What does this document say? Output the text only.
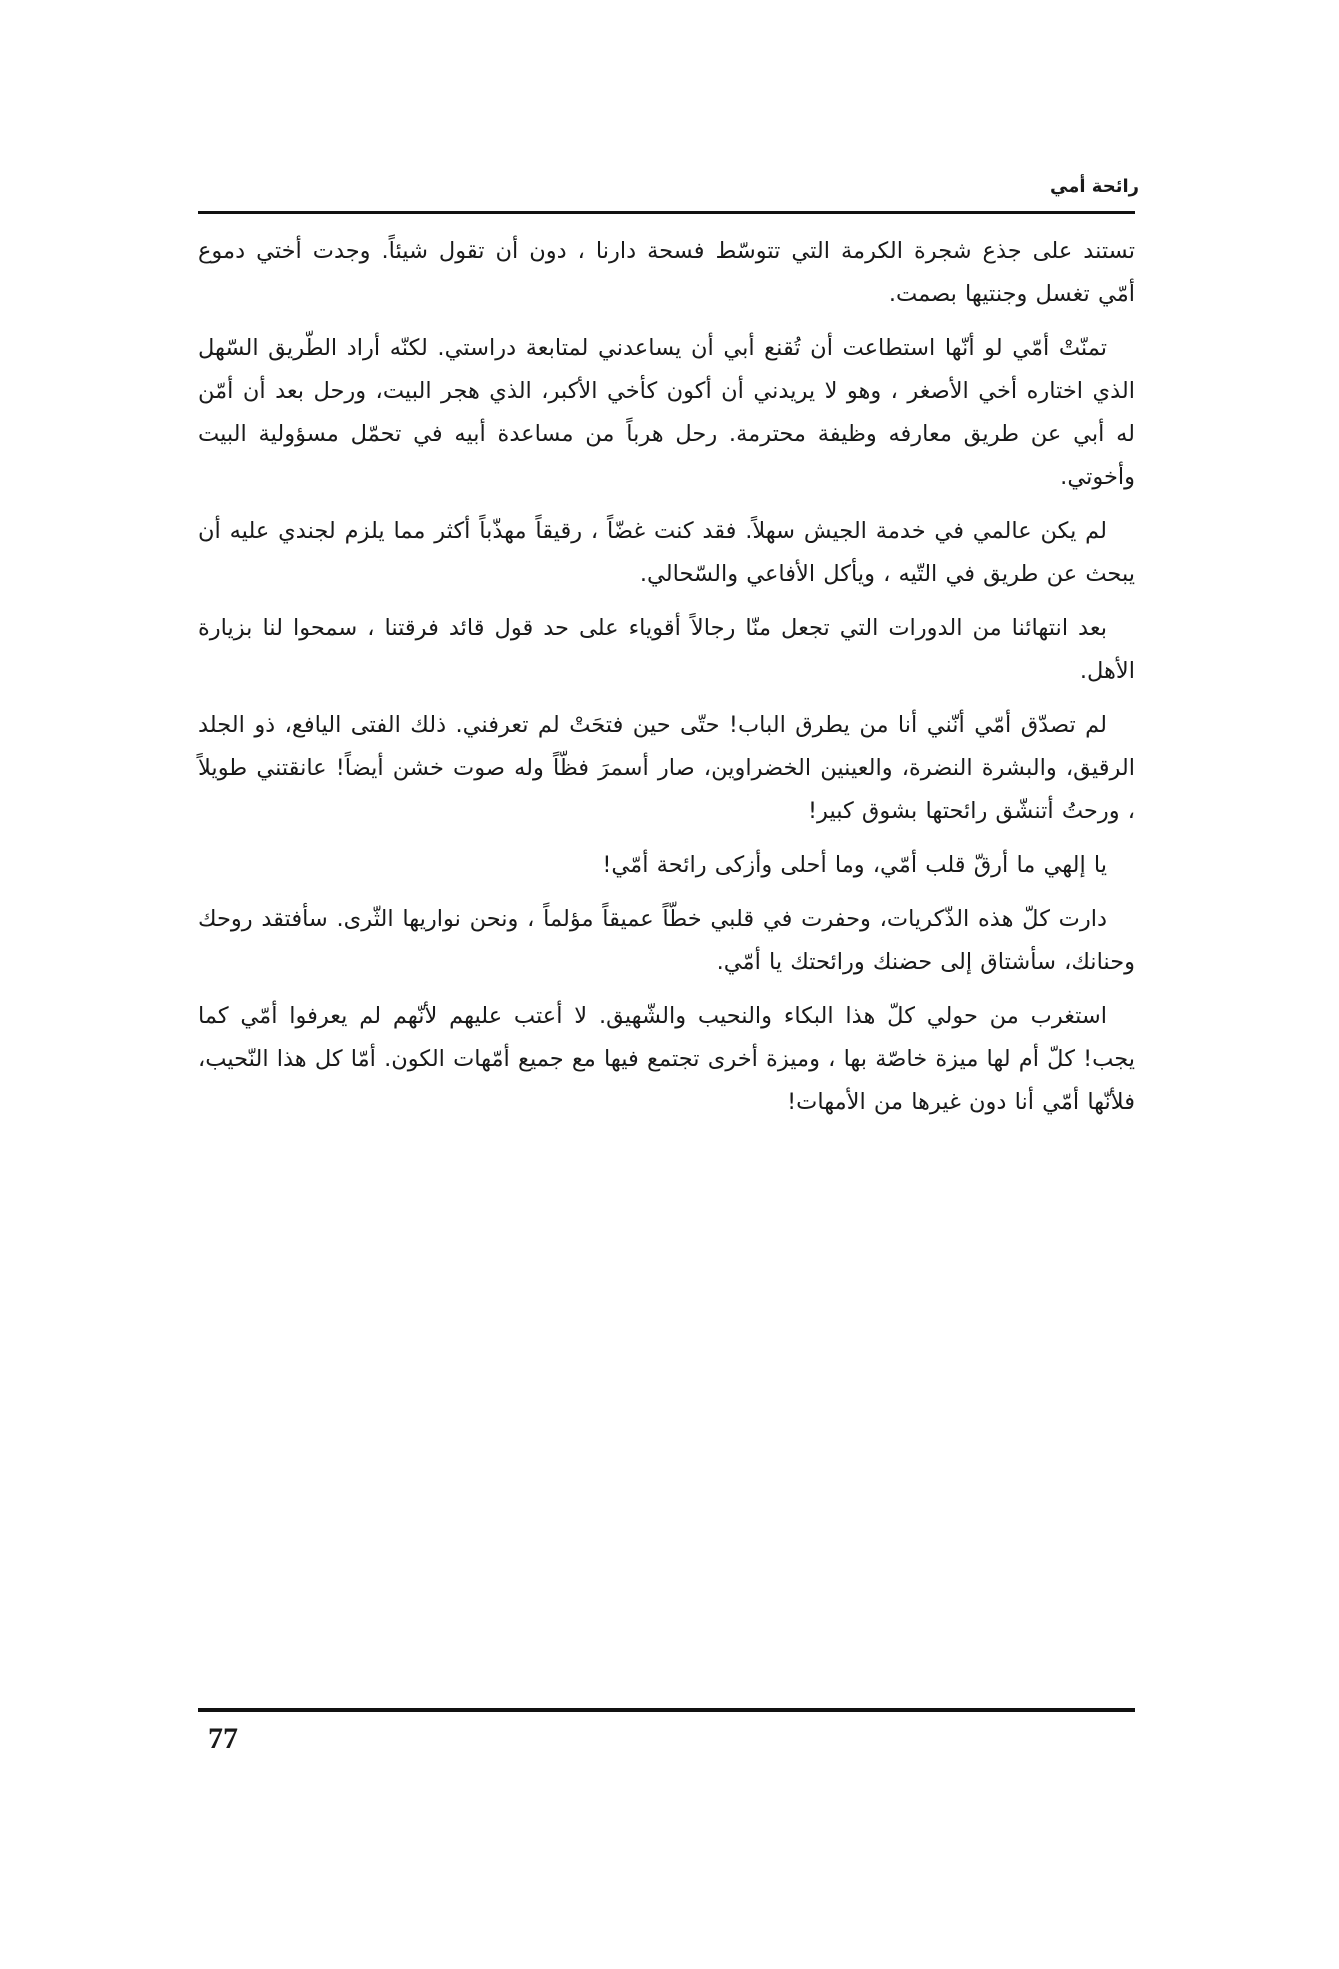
رائحة أمي

تستند على جذع شجرة الكرمة التي تتوسّط فسحة دارنا ، دون أن تقول شيئاً. وجدت أختي دموع أمّي تغسل وجنتيها بصمت.

تمنّتْ أمّي لو أنّها استطاعت أن تُقنع أبي أن يساعدني لمتابعة دراستي. لكنّه أراد الطّريق السّهل الذي اختاره أخي الأصغر ، وهو لا يريدني أن أكون كأخي الأكبر، الذي هجر البيت، ورحل بعد أن أمّن له أبي عن طريق معارفه وظيفة محترمة. رحل هرباً من مساعدة أبيه في تحمّل مسؤولية البيت وأخوتي.

لم يكن عالمي في خدمة الجيش سهلاً. فقد كنت غضّاً ، رقيقاً مهذّباً أكثر مما يلزم لجندي عليه أن يبحث عن طريق في التّيه ، ويأكل الأفاعي والسّحالي.

بعد انتهائنا من الدورات التي تجعل منّا رجالاً أقوياء على حد قول قائد فرقتنا ، سمحوا لنا بزيارة الأهل.

لم تصدّق أمّي أنّني أنا من يطرق الباب! حتّى حين فتحَتْ لم تعرفني. ذلك الفتى اليافع، ذو الجلد الرقيق، والبشرة النضرة، والعينين الخضراوين، صار أسمرَ فظّاً وله صوت خشن أيضاً! عانقتني طويلاً ، ورحتُ أتنشّق رائحتها بشوق كبير!

يا إلهي ما أرقّ قلب أمّي، وما أحلى وأزكى رائحة أمّي!

دارت كلّ هذه الذّكريات، وحفرت في قلبي خطّاً عميقاً مؤلماً ، ونحن نواريها الثّرى. سأفتقد روحك وحنانك، سأشتاق إلى حضنك ورائحتك يا أمّي.

استغرب من حولي كلّ هذا البكاء والنحيب والشّهيق. لا أعتب عليهم لأنّهم لم يعرفوا أمّي كما يجب! كلّ أم لها ميزة خاصّة بها ، وميزة أخرى تجتمع فيها مع جميع أمّهات الكون. أمّا كل هذا النّحيب، فلأنّها أمّي أنا دون غيرها من الأمهات!

77
